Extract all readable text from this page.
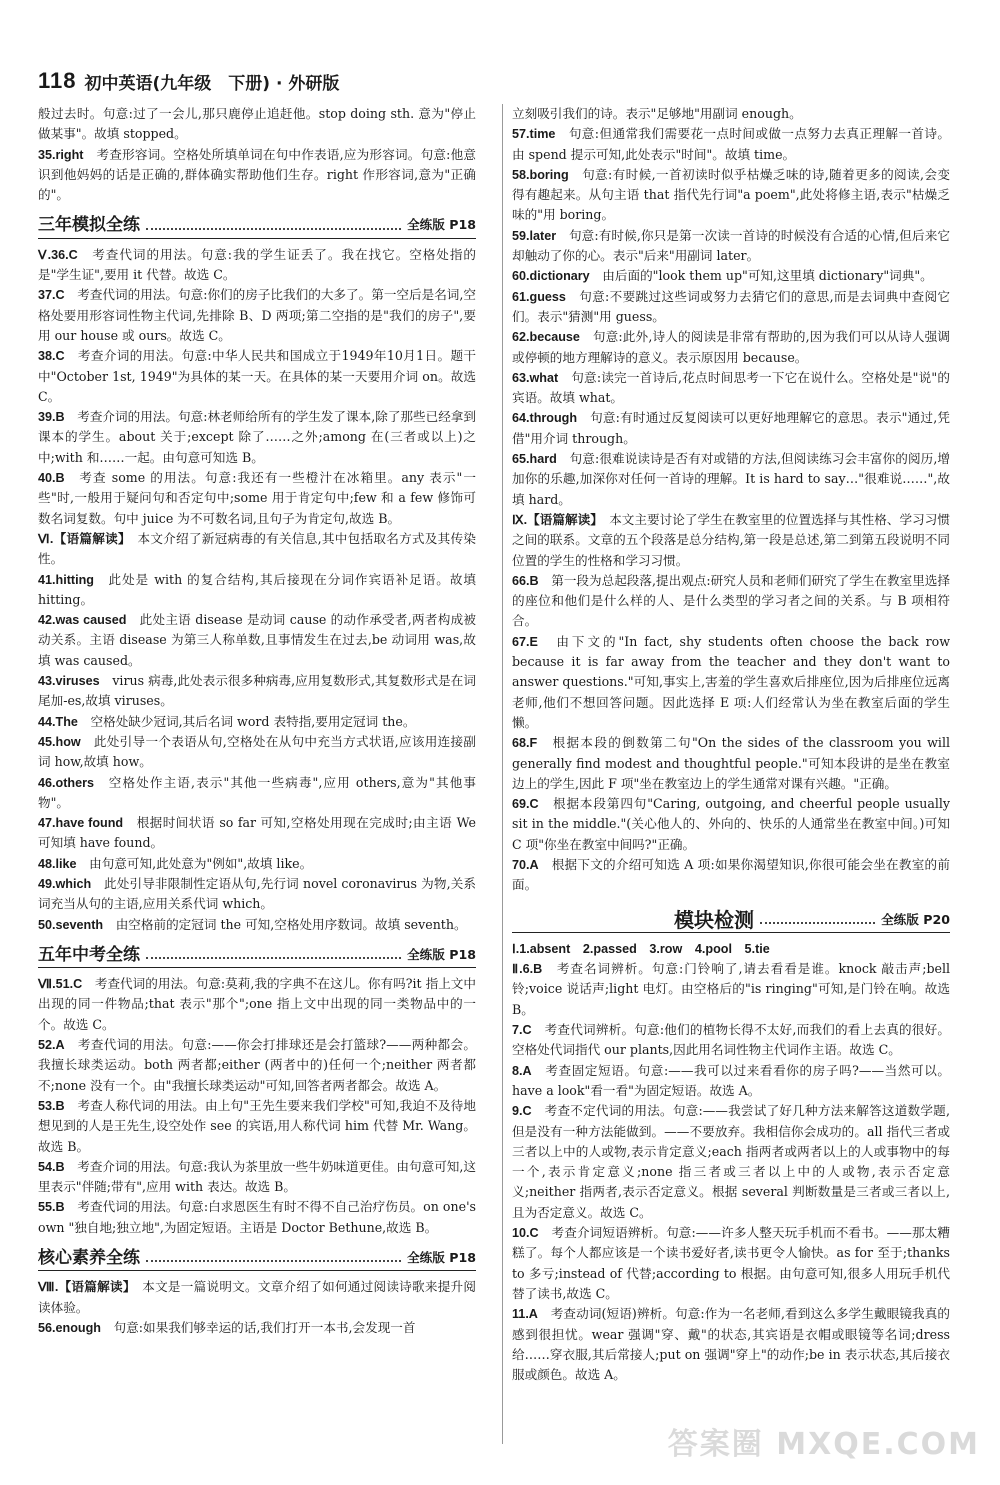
118 初中英语(九年级　下册) · 外研版

般过去时。句意:过了一会儿,那只鹿停止追赶他。stop doing sth. 意为"停止做某事"。故填 stopped。

35.right　 考查形容词。空格处所填单词在句中作表语,应为形容词。句意:他意识到他妈妈的话是正确的,群体确实帮助他们生存。right 作形容词,意为"正确的"。

三年模拟全练	全练版 P18

Ⅴ.36.C　 考查代词的用法。句意:我的学生证丢了。我在找它。空格处指的是"学生证",要用 it 代替。故选 C。

37.C　 考查代词的用法。句意:你们的房子比我们的大多了。第一空后是名词,空格处要用形容词性物主代词,先排除 B、D 两项;第二空指的是"我们的房子",要用 our house 或 ours。故选 C。

38.C　 考查介词的用法。句意:中华人民共和国成立于1949年10月1日。题干中"October 1st, 1949"为具体的某一天。在具体的某一天要用介词 on。故选 C。

39.B　 考查介词的用法。句意:林老师给所有的学生发了课本,除了那些已经拿到课本的学生。about 关于;except 除了……之外;among 在(三者或以上)之中;with 和……一起。由句意可知选 B。

40.B　 考查 some 的用法。句意:我还有一些橙汁在冰箱里。any 表示"一些"时,一般用于疑问句和否定句中;some 用于肯定句中;few 和 a few 修饰可数名词复数。句中 juice 为不可数名词,且句子为肯定句,故选 B。

Ⅵ.【语篇解读】　 本文介绍了新冠病毒的有关信息,其中包括取名方式及其传染性。

41.hitting　 此处是 with 的复合结构,其后接现在分词作宾语补足语。故填 hitting。

42.was caused　 此处主语 disease 是动词 cause 的动作承受者,两者构成被动关系。主语 disease 为第三人称单数,且事情发生在过去,be 动词用 was,故填 was caused。

43.viruses　 virus 病毒,此处表示很多种病毒,应用复数形式,其复数形式是在词尾加-es,故填 viruses。

44.The　 空格处缺少冠词,其后名词 word 表特指,要用定冠词 the。

45.how　 此处引导一个表语从句,空格处在从句中充当方式状语,应该用连接副词 how,故填 how。

46.others　 空格处作主语,表示"其他一些病毒",应用 others,意为"其他事物"。

47.have found　 根据时间状语 so far 可知,空格处用现在完成时;由主语 We 可知填 have found。

48.like　 由句意可知,此处意为"例如",故填 like。

49.which　 此处引导非限制性定语从句,先行词 novel coronavirus 为物,关系词充当从句的主语,应用关系代词 which。

50.seventh　 由空格前的定冠词 the 可知,空格处用序数词。故填 seventh。

五年中考全练	全练版 P18

Ⅶ.51.C　 考查代词的用法。句意:莫莉,我的字典不在这儿。你有吗?it 指上文中出现的同一件物品;that 表示"那个";one 指上文中出现的同一类物品中的一个。故选 C。

52.A　 考查代词的用法。句意:——你会打排球还是会打篮球?——两种都会。我擅长球类运动。both 两者都;either (两者中的)任何一个;neither 两者都不;none 没有一个。由"我擅长球类运动"可知,回答者两者都会。故选 A。

53.B　 考查人称代词的用法。由上句"王先生要来我们学校"可知,我迫不及待地想见到的人是王先生,设空处作 see 的宾语,用人称代词 him 代替 Mr. Wang。故选 B。

54.B　 考查介词的用法。句意:我认为茶里放一些牛奶味道更佳。由句意可知,这里表示"伴随;带有",应用 with 表达。故选 B。

55.B　 考查代词的用法。句意:白求恩医生有时不得不自己治疗伤员。on one's own "独自地;独立地",为固定短语。主语是 Doctor Bethune,故选 B。

核心素养全练	全练版 P18

Ⅷ.【语篇解读】　 本文是一篇说明文。文章介绍了如何通过阅读诗歌来提升阅读体验。

56.enough　 句意:如果我们够幸运的话,我们打开一本书,会发现一首

立刻吸引我们的诗。表示"足够地"用副词 enough。

57.time　 句意:但通常我们需要花一点时间或做一点努力去真正理解一首诗。由 spend 提示可知,此处表示"时间"。故填 time。

58.boring　 句意:有时候,一首初读时似乎枯燥乏味的诗,随着更多的阅读,会变得有趣起来。从句主语 that 指代先行词"a poem",此处将修主语,表示"枯燥乏味的"用 boring。

59.later　 句意:有时候,你只是第一次读一首诗的时候没有合适的心情,但后来它却触动了你的心。表示"后来"用副词 later。

60.dictionary　 由后面的"look them up"可知,这里填 dictionary"词典"。

61.guess　 句意:不要跳过这些词或努力去猜它们的意思,而是去词典中查阅它们。表示"猜测"用 guess。

62.because　 句意:此外,诗人的阅读是非常有帮助的,因为我们可以从诗人强调或停顿的地方理解诗的意义。表示原因用 because。

63.what　 句意:读完一首诗后,花点时间思考一下它在说什么。空格处是"说"的宾语。故填 what。

64.through　 句意:有时通过反复阅读可以更好地理解它的意思。表示"通过,凭借"用介词 through。

65.hard　 句意:很难说读诗是否有对或错的方法,但阅读练习会丰富你的阅历,增加你的乐趣,加深你对任何一首诗的理解。It is hard to say…"很难说……",故填 hard。

Ⅸ.【语篇解读】　 本文主要讨论了学生在教室里的位置选择与其性格、学习习惯之间的联系。文章的五个段落是总分结构,第一段是总述,第二到第五段说明不同位置的学生的性格和学习习惯。

66.B　 第一段为总起段落,提出观点:研究人员和老师们研究了学生在教室里选择的座位和他们是什么样的人、是什么类型的学习者之间的关系。与 B 项相符合。

67.E　 由下文的"In fact, shy students often choose the back row because it is far away from the teacher and they don't want to answer questions."可知,事实上,害羞的学生喜欢后排座位,因为后排座位远离老师,他们不想回答问题。因此选择 E 项:人们经常认为坐在教室后面的学生懒。

68.F　 根据本段的倒数第二句"On the sides of the classroom you will generally find modest and thoughtful people."可知本段讲的是坐在教室边上的学生,因此 F 项"坐在教室边上的学生通常对课有兴趣。"正确。

69.C　 根据本段第四句"Caring, outgoing, and cheerful people usually sit in the middle."(关心他人的、外向的、快乐的人通常坐在教室中间。)可知 C 项"你坐在教室中间吗?"正确。

70.A　 根据下文的介绍可知选 A 项:如果你渴望知识,你很可能会坐在教室的前面。

模块检测	全练版 P20

Ⅰ.1.absent　2.passed　3.row　4.pool　5.tie　

Ⅱ.6.B　 考查名词辨析。句意:门铃响了,请去看看是谁。knock 敲击声;bell 铃;voice 说话声;light 电灯。由空格后的"is ringing"可知,是门铃在响。故选 B。

7.C　 考查代词辨析。句意:他们的植物长得不太好,而我们的看上去真的很好。空格处代词指代 our plants,因此用名词性物主代词作主语。故选 C。

8.A　 考查固定短语。句意:——我可以过来看看你的房子吗?——当然可以。have a look"看一看"为固定短语。故选 A。

9.C　 考查不定代词的用法。句意:——我尝试了好几种方法来解答这道数学题,但是没有一种方法能做到。——不要放弃。我相信你会成功的。all 指代三者或三者以上中的人或物,表示肯定意义;each 指两者或两者以上的人或事物中的每一个,表示肯定意义;none 指三者或三者以上中的人或物,表示否定意义;neither 指两者,表示否定意义。根据 several 判断数量是三者或三者以上,且为否定意义。故选 C。

10.C　 考查介词短语辨析。句意:——许多人整天玩手机而不看书。——那太糟糕了。每个人都应该是一个读书爱好者,读书更令人愉快。as for 至于;thanks to 多亏;instead of 代替;according to 根据。由句意可知,很多人用玩手机代替了读书,故选 C。

11.A　 考查动词(短语)辨析。句意:作为一名老师,看到这么多学生戴眼镜我真的感到很担忧。wear 强调"穿、戴"的状态,其宾语是衣帽或眼镜等名词;dress 给……穿衣服,其后常接人;put on 强调"穿上"的动作;be in 表示状态,其后接衣服或颜色。故选 A。

答案圈 MXQE.COM
